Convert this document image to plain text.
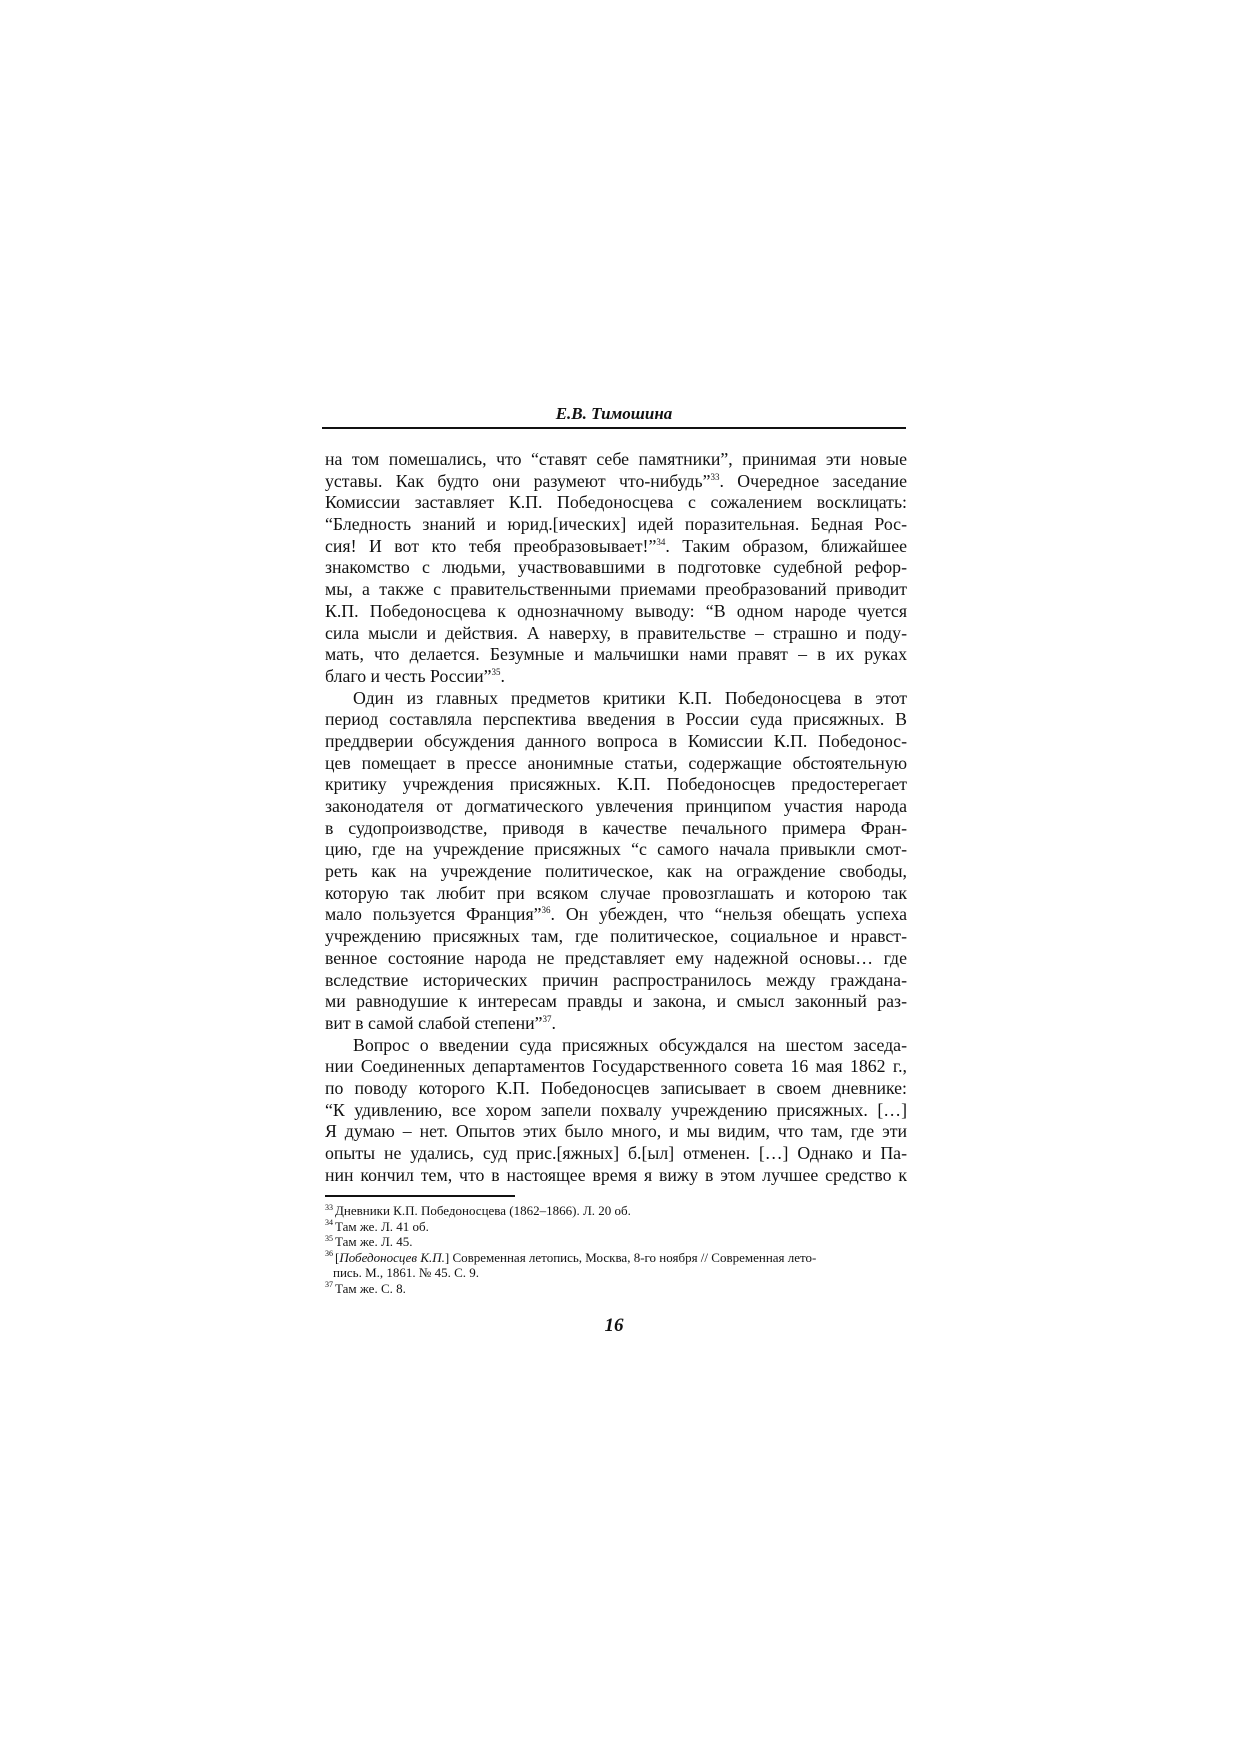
Е.В. Тимошина
на том помешались, что “ставят себе памятники”, принимая эти новые
уставы. Как будто они разумеют что-нибудь”$^{33}$. Очередное заседание
Комиссии заставляет К.П. Победоносцева с сожалением восклицать:
“Бледность знаний и юрид.[ических] идей поразительная. Бедная Рос-
сия! И вот кто тебя преобразовывает!”$^{34}$. Таким образом, ближайшее
знакомство с людьми, участвовавшими в подготовке судебной рефор-
мы, а также с правительственными приемами преобразований приводит
К.П. Победоносцева к однозначному выводу: “В одном народе чуется
сила мысли и действия. А наверху, в правительстве – страшно и поду-
мать, что делается. Безумные и мальчишки нами правят – в их руках
благо и честь России”$^{35}$.
Один из главных предметов критики К.П. Победоносцева в этот
период составляла перспектива введения в России суда присяжных. В
преддверии обсуждения данного вопроса в Комиссии К.П. Победонос-
цев помещает в прессе анонимные статьи, содержащие обстоятельную
критику учреждения присяжных. К.П. Победоносцев предостерегает
законодателя от догматического увлечения принципом участия народа
в судопроизводстве, приводя в качестве печального примера Фран-
цию, где на учреждение присяжных “с самого начала привыкли смот-
реть как на учреждение политическое, как на ограждение свободы,
которую так любит при всяком случае провозглашать и которою так
мало пользуется Франция”$^{36}$. Он убежден, что “нельзя обещать успеха
учреждению присяжных там, где политическое, социальное и нравст-
венное состояние народа не представляет ему надежной основы… где
вследствие исторических причин распространилось между граждана-
ми равнодушие к интересам правды и закона, и смысл законный раз-
вит в самой слабой степени”$^{37}$.
Вопрос о введении суда присяжных обсуждался на шестом заседа-
нии Соединенных департаментов Государственного совета 16 мая 1862 г.,
по поводу которого К.П. Победоносцев записывает в своем дневнике:
“К удивлению, все хором запели похвалу учреждению присяжных. […]
Я думаю – нет. Опытов этих было много, и мы видим, что там, где эти
опыты не удались, суд прис.[яжных] б.[ыл] отменен. […] Однако и Па-
нин кончил тем, что в настоящее время я вижу в этом лучшее средство к
$^{33}$ Дневники К.П. Победоносцева (1862–1866). Л. 20 об.
$^{34}$ Там же. Л. 41 об.
$^{35}$ Там же. Л. 45.
$^{36}$ [Победоносцев К.П.] Современная летопись, Москва, 8-го ноября // Современная лето-
пись. М., 1861. № 45. С. 9.
$^{37}$ Там же. С. 8.
16
